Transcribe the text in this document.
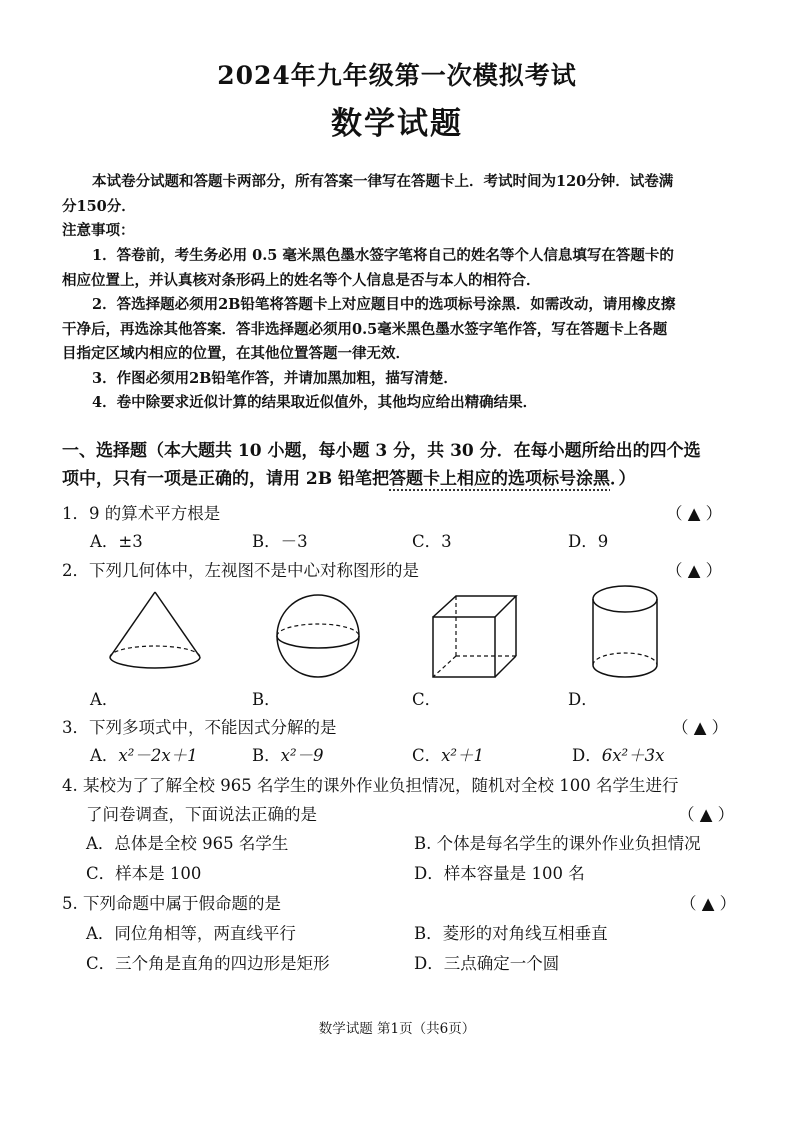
2024年九年级第一次模拟考试
数学试题
本试卷分试题和答题卡两部分，所有答案一律写在答题卡上．考试时间为120分钟．试卷满
分150分．
注意事项：
1．答卷前，考生务必用 0.5 毫米黑色墨水签字笔将自己的姓名等个人信息填写在答题卡的
相应位置上，并认真核对条形码上的姓名等个人信息是否与本人的相符合．
2．答选择题必须用2B铅笔将答题卡上对应题目中的选项标号涂黑．如需改动，请用橡皮擦
干净后，再选涂其他答案．答非选择题必须用0.5毫米黑色墨水签字笔作答，写在答题卡上各题
目指定区域内相应的位置，在其他位置答题一律无效．
3．作图必须用2B铅笔作答，并请加黑加粗，描写清楚．
4．卷中除要求近似计算的结果取近似值外，其他均应给出精确结果．
一、选择题（本大题共 10 小题，每小题 3 分，共 30 分．在每小题所给出的四个选
项中，只有一项是正确的，请用 2B 铅笔把答题卡上相应的选项标号涂黑．）
1．9 的算术平方根是	（ ▲ ）
A．±3	B．－3	C．3	D．9
2．下列几何体中，左视图不是中心对称图形的是	（ ▲ ）
A．	B．	C．	D．
3．下列多项式中，不能因式分解的是	（ ▲ ）
A．x²－2x＋1	B．x²－9	C．x²＋1	D．6x²＋3x
4. 某校为了了解全校 965 名学生的课外作业负担情况，随机对全校 100 名学生进行
了问卷调查，下面说法正确的是	（ ▲ ）
A．总体是全校 965 名学生	B. 个体是每名学生的课外作业负担情况
C．样本是 100	D．样本容量是 100 名
5. 下列命题中属于假命题的是	（ ▲ ）
A．同位角相等，两直线平行	B．菱形的对角线互相垂直
C．三个角是直角的四边形是矩形	D．三点确定一个圆
数学试题 第1页（共6页）
